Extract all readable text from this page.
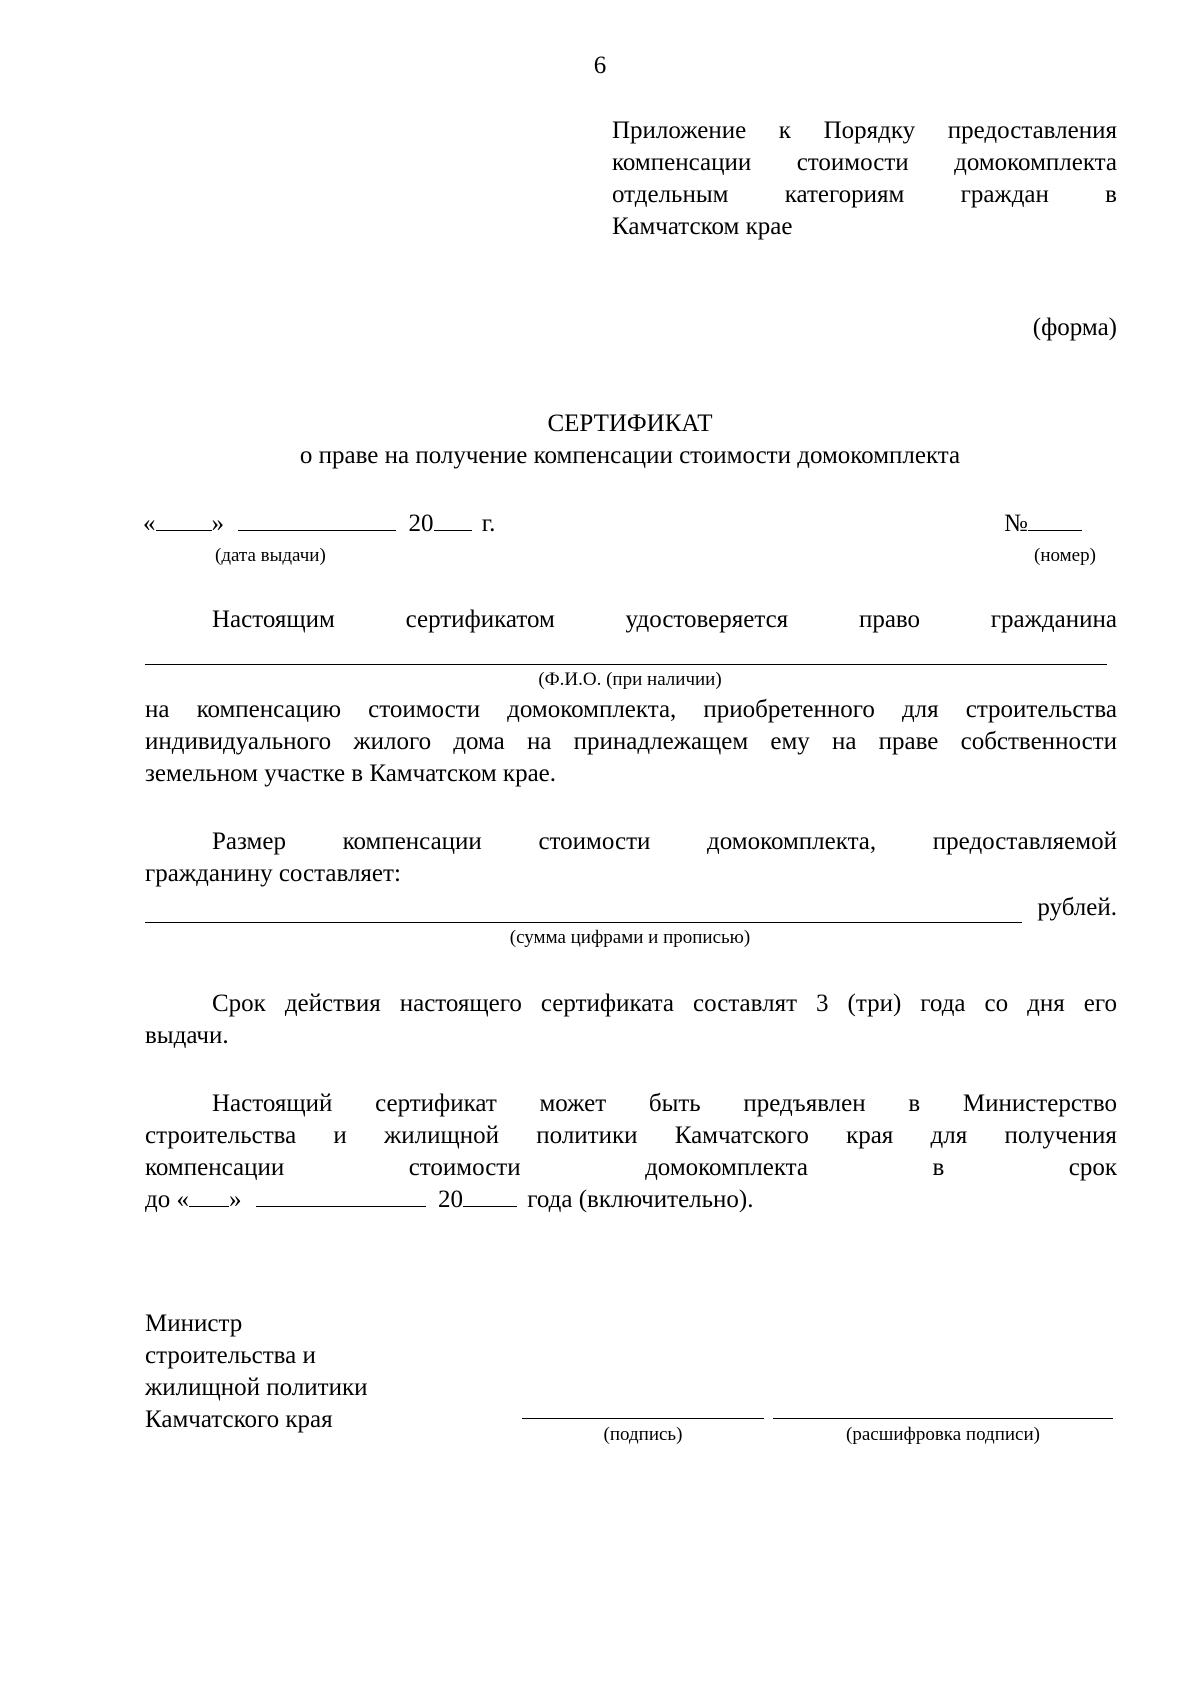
6
Приложение к Порядку предоставления
компенсации стоимости домокомплекта
отдельным категориям граждан в
Камчатском крае
(форма)
СЕРТИФИКАТ
о праве на получение компенсации стоимости домокомплекта
« »	20 г.	№
(дата выдачи)	(номер)
Настоящим	сертификатом	удостоверяется	право	гражданина
(Ф.И.О. (при наличии)
на компенсацию стоимости домокомплекта, приобретенного для строительства
индивидуального жилого дома на принадлежащем ему на праве собственности
земельном участке в Камчатском крае.
Размер компенсации стоимости домокомплекта, предоставляемой
гражданину составляет:
рублей.
(сумма цифрами и прописью)
Срок действия настоящего сертификата составлят 3 (три) года со дня его
выдачи.
Настоящий сертификат может быть предъявлен в Министерство
строительства и жилищной политики Камчатского края для получения
компенсации	стоимости	домокомплекта	в	срок
до « »	20	года (включительно).
Министр
строительства и
жилищной политики
Камчатского края
(подпись)	(расшифровка подписи)
